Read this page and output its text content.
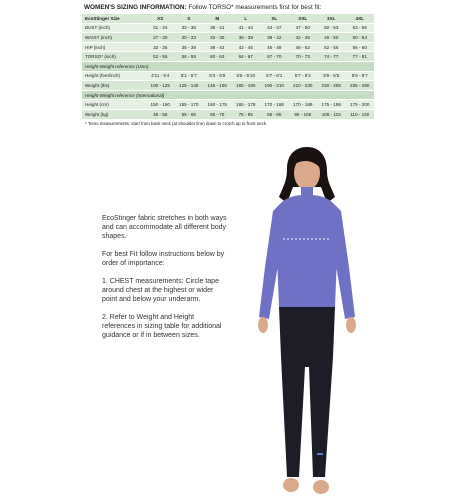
WOMEN'S SIZING INFORMATION: Follow TORSO* measurements first for best fit:
EcoStinger Size	XS	S	M	L	XL	XXL	3XL	4XL
BUST (inch)	31 - 34	33 - 36	38 - 41	41 - 44	44 - 47	47 - 50	50 - 53	53 - 56
WAIST (inch)	27 - 30	30 - 33	33 - 36	36 - 39	39 - 42	42 - 45	46 - 50	50 - 54
HIP (inch)	32 - 35	36 - 39	39 - 42	42 - 45	45 - 48	48 - 52	52 - 56	56 - 60
TORSO* (inch)	52 - 55	56 - 59	60 - 63	64 - 67	67 - 70	70 - 73	74 - 77	77 - 81
Height-Weight reference (USA)								
Height (feet/inch)	4'11 - 5'4	5'1 - 5'7	5'3 - 5'9	5'5 - 5'10	5'7 - 6'1	5'7 - 6'2	5'9 - 6'5	5'9 - 6'7
Weight (lbs)	100 - 125	125 - 145	145 - 165	165 - 190	190 - 210	210 - 230	230 - 255	255 - 290
Height-Weight reference (International)								
Height (cm)	150 - 160	155 - 170	160 - 175	165 - 178	170 - 186	170 - 189	175 - 196	175 - 200
Weight (kg)	45 - 55	55 - 65	65 - 75	75 - 85	85 - 95	95 - 105	105 - 115	110 - 130
* Torso measurements: start from back neck (at shoulder line) down to crotch up to front neck.								

EcoStinger fabric stretches in both ways and can accommodate all different body shapes.

For best Fit follow instructions below by order of importance:

1. CHEST measurements: Circle tape around chest at the highest or wider point and below your underarm.

2. Refer to Weight and Height references in sizing table for additional guidance or if in between sizes.
